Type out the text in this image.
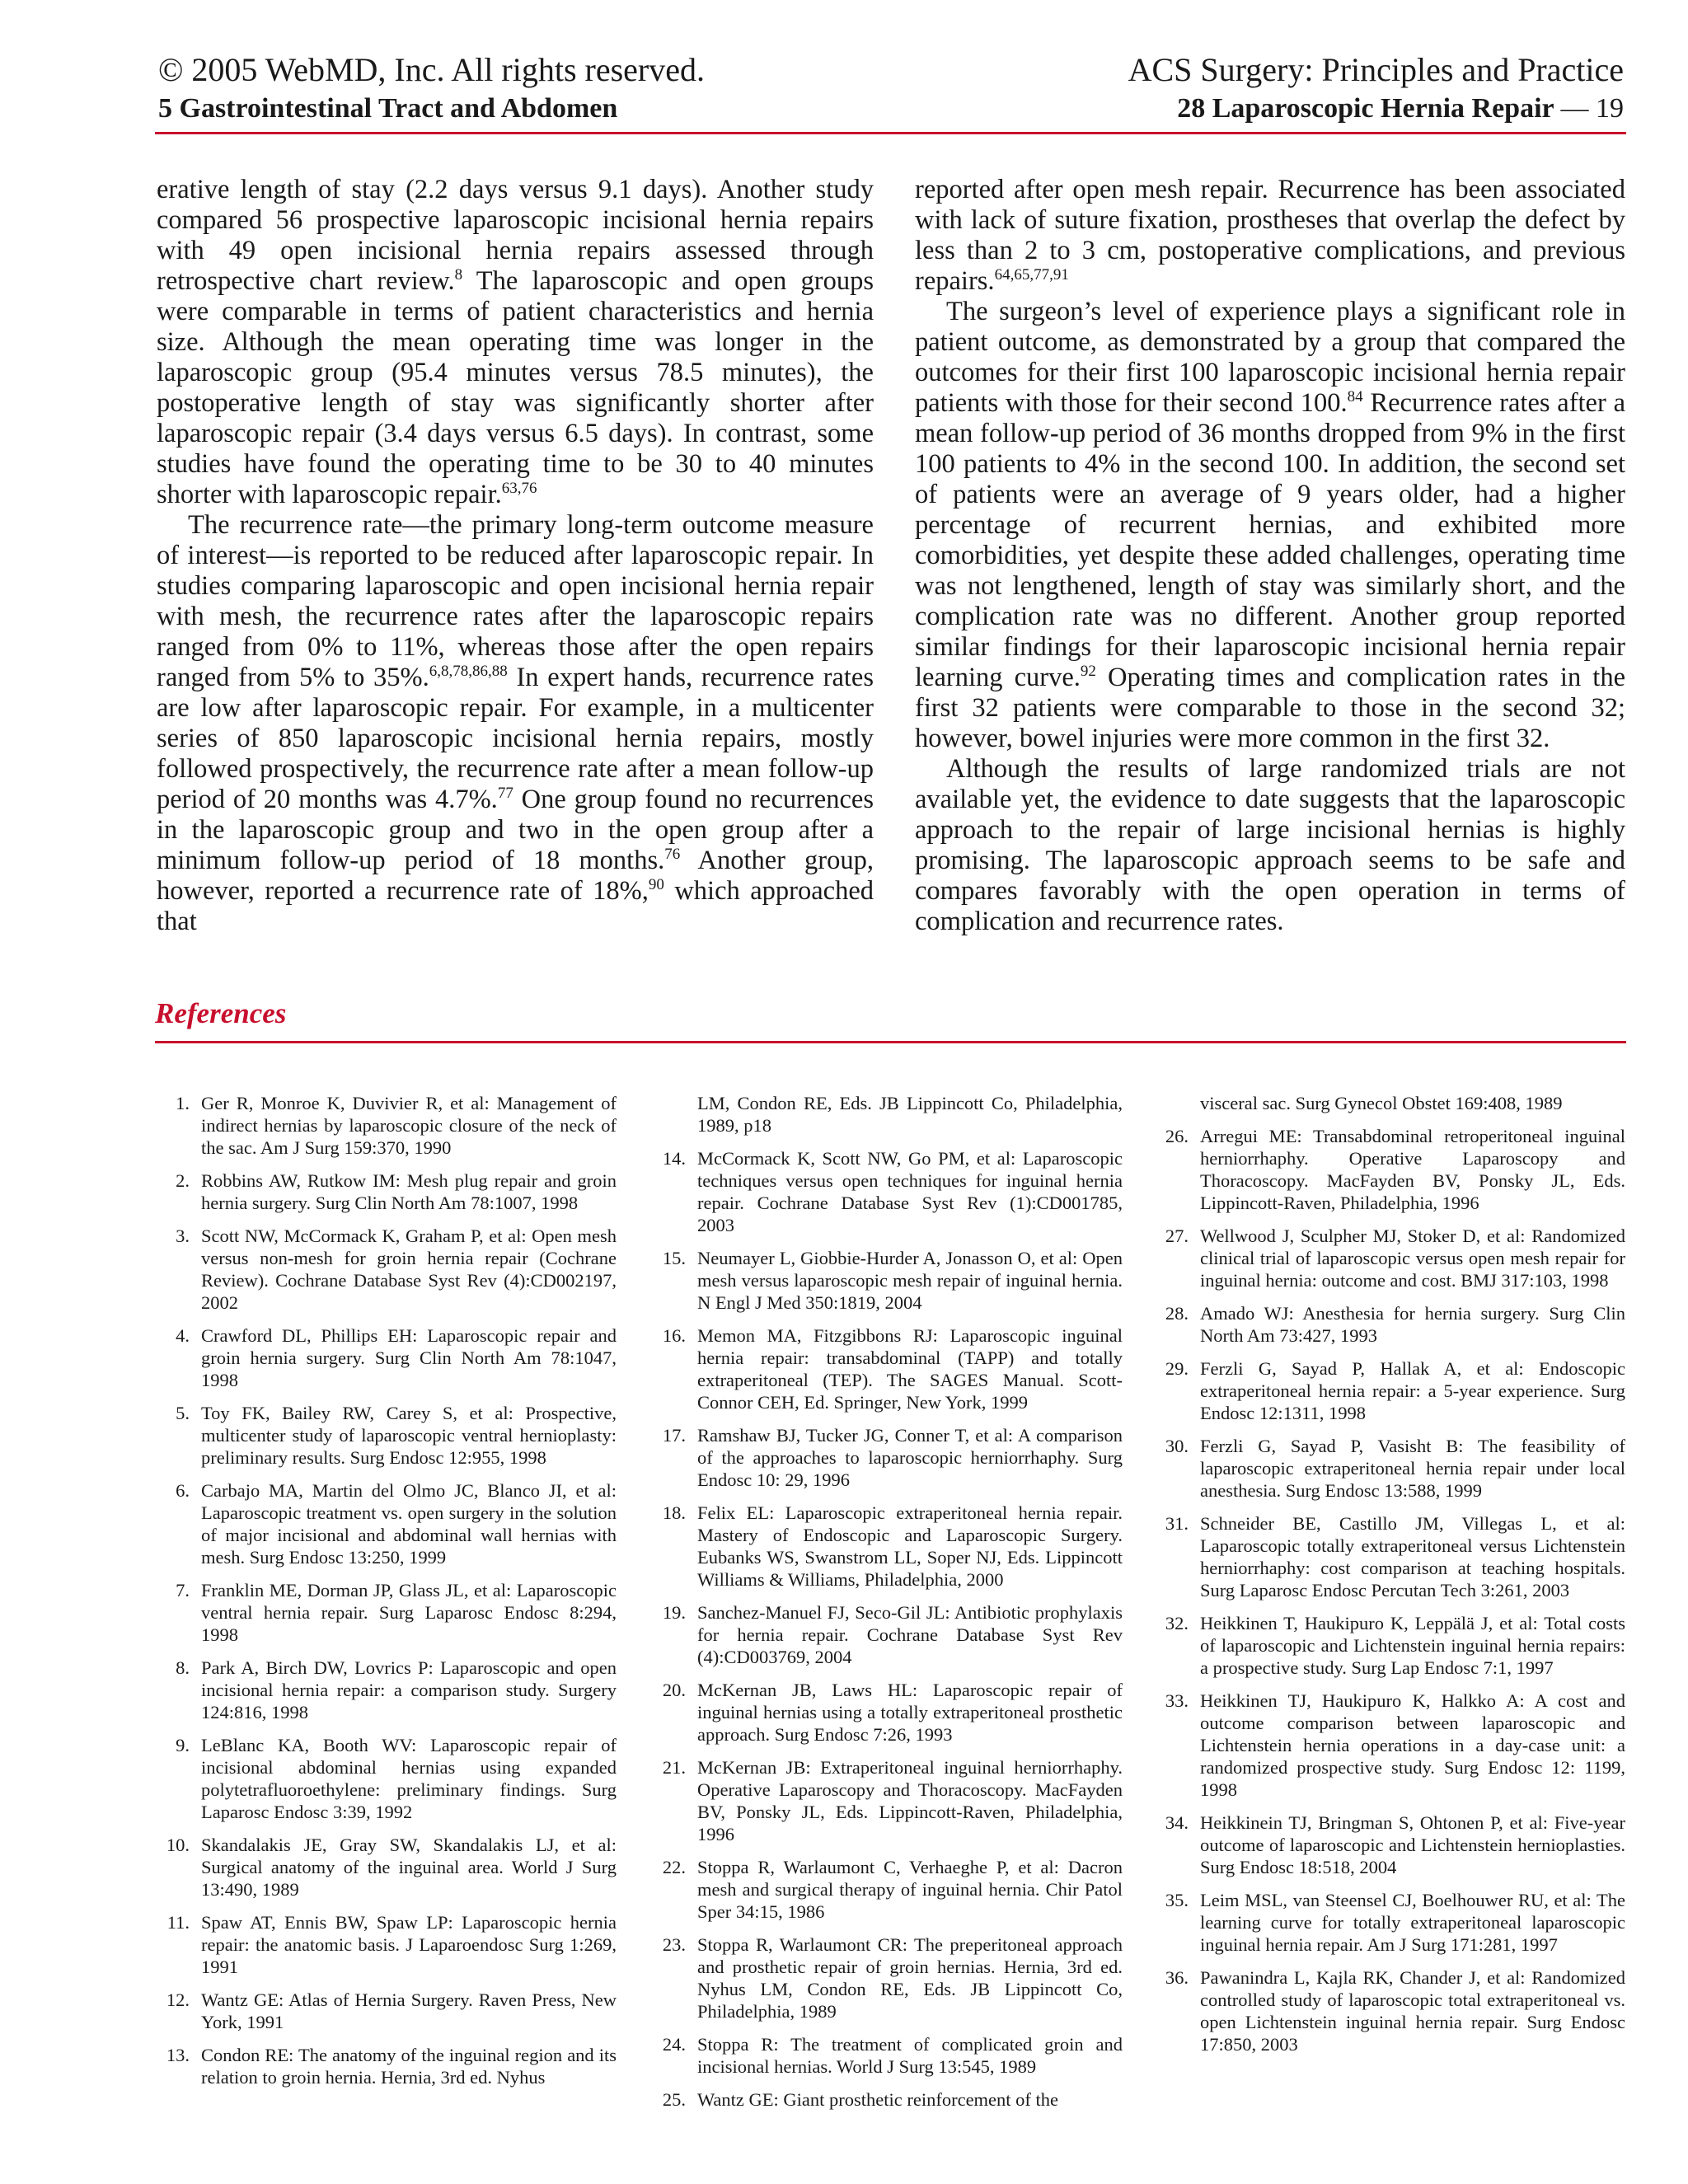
© 2005 WebMD, Inc. All rights reserved.
5 Gastrointestinal Tract and Abdomen
ACS Surgery: Principles and Practice
28 Laparoscopic Hernia Repair — 19

erative length of stay (2.2 days versus 9.1 days). Another study compared 56 prospective laparoscopic incisional hernia repairs with 49 open incisional hernia repairs assessed through retrospective chart review.$^8$ The laparoscopic and open groups were comparable in terms of patient characteristics and hernia size. Although the mean operating time was longer in the laparoscopic group (95.4 minutes versus 78.5 minutes), the postoperative length of stay was significantly shorter after laparoscopic repair (3.4 days versus 6.5 days). In contrast, some studies have found the operating time to be 30 to 40 minutes shorter with laparoscopic repair.$^{63,76}$

The recurrence rate—the primary long-term outcome measure of interest—is reported to be reduced after laparoscopic repair. In studies comparing laparoscopic and open incisional hernia repair with mesh, the recurrence rates after the laparoscopic repairs ranged from 0% to 11%, whereas those after the open repairs ranged from 5% to 35%.$^{6,8,78,86,88}$ In expert hands, recurrence rates are low after laparoscopic repair. For example, in a multicenter series of 850 laparoscopic incisional hernia repairs, mostly followed prospectively, the recurrence rate after a mean follow-up period of 20 months was 4.7%.$^{77}$ One group found no recurrences in the laparoscopic group and two in the open group after a minimum follow-up period of 18 months.$^{76}$ Another group, however, reported a recurrence rate of 18%,$^{90}$ which approached that

reported after open mesh repair. Recurrence has been associated with lack of suture fixation, prostheses that overlap the defect by less than 2 to 3 cm, postoperative complications, and previous repairs.$^{64,65,77,91}$

The surgeon’s level of experience plays a significant role in patient outcome, as demonstrated by a group that compared the outcomes for their first 100 laparoscopic incisional hernia repair patients with those for their second 100.84 Recurrence rates after a mean follow-up period of 36 months dropped from 9% in the first 100 patients to 4% in the second 100. In addition, the second set of patients were an average of 9 years older, had a higher percentage of recurrent hernias, and exhibited more comorbidities, yet despite these added challenges, operating time was not lengthened, length of stay was similarly short, and the complication rate was no different. Another group reported similar findings for their laparoscopic incisional hernia repair learning curve.$^{92}$ Operating times and complication rates in the first 32 patients were comparable to those in the second 32; however, bowel injuries were more common in the first 32.

Although the results of large randomized trials are not available yet, the evidence to date suggests that the laparoscopic approach to the repair of large incisional hernias is highly promising. The laparoscopic approach seems to be safe and compares favorably with the open operation in terms of complication and recurrence rates.

References
1. Ger R, Monroe K, Duvivier R, et al: Management of indirect hernias by laparoscopic closure of the neck of the sac. Am J Surg 159:370, 1990
2. Robbins AW, Rutkow IM: Mesh plug repair and groin hernia surgery. Surg Clin North Am 78:1007, 1998
3. Scott NW, McCormack K, Graham P, et al: Open mesh versus non-mesh for groin hernia repair (Cochrane Review). Cochrane Database Syst Rev (4):CD002197, 2002
4. Crawford DL, Phillips EH: Laparoscopic repair and groin hernia surgery. Surg Clin North Am 78:1047, 1998
5. Toy FK, Bailey RW, Carey S, et al: Prospective, multicenter study of laparoscopic ventral hernioplasty: preliminary results. Surg Endosc 12:955, 1998
6. Carbajo MA, Martin del Olmo JC, Blanco JI, et al: Laparoscopic treatment vs. open surgery in the solution of major incisional and abdominal wall hernias with mesh. Surg Endosc 13:250, 1999
7. Franklin ME, Dorman JP, Glass JL, et al: Laparoscopic ventral hernia repair. Surg Laparosc Endosc 8:294, 1998
8. Park A, Birch DW, Lovrics P: Laparoscopic and open incisional hernia repair: a comparison study. Surgery 124:816, 1998
9. LeBlanc KA, Booth WV: Laparoscopic repair of incisional abdominal hernias using expanded polytetrafluoroethylene: preliminary findings. Surg Laparosc Endosc 3:39, 1992
10. Skandalakis JE, Gray SW, Skandalakis LJ, et al: Surgical anatomy of the inguinal area. World J Surg 13:490, 1989
11. Spaw AT, Ennis BW, Spaw LP: Laparoscopic hernia repair: the anatomic basis. J Laparoendosc Surg 1:269, 1991
12. Wantz GE: Atlas of Hernia Surgery. Raven Press, New York, 1991
13. Condon RE: The anatomy of the inguinal region and its relation to groin hernia. Hernia, 3rd ed. Nyhus
LM, Condon RE, Eds. JB Lippincott Co, Philadelphia, 1989, p18
14. McCormack K, Scott NW, Go PM, et al: Laparoscopic techniques versus open techniques for inguinal hernia repair. Cochrane Database Syst Rev (1):CD001785, 2003
15. Neumayer L, Giobbie-Hurder A, Jonasson O, et al: Open mesh versus laparoscopic mesh repair of inguinal hernia. N Engl J Med 350:1819, 2004
16. Memon MA, Fitzgibbons RJ: Laparoscopic inguinal hernia repair: transabdominal (TAPP) and totally extraperitoneal (TEP). The SAGES Manual. Scott-Connor CEH, Ed. Springer, New York, 1999
17. Ramshaw BJ, Tucker JG, Conner T, et al: A comparison of the approaches to laparoscopic herniorrhaphy. Surg Endosc 10: 29, 1996
18. Felix EL: Laparoscopic extraperitoneal hernia repair. Mastery of Endoscopic and Laparoscopic Surgery. Eubanks WS, Swanstrom LL, Soper NJ, Eds. Lippincott Williams & Williams, Philadelphia, 2000
19. Sanchez-Manuel FJ, Seco-Gil JL: Antibiotic prophylaxis for hernia repair. Cochrane Database Syst Rev (4):CD003769, 2004
20. McKernan JB, Laws HL: Laparoscopic repair of inguinal hernias using a totally extraperitoneal prosthetic approach. Surg Endosc 7:26, 1993
21. McKernan JB: Extraperitoneal inguinal herniorrhaphy. Operative Laparoscopy and Thoracoscopy. MacFayden BV, Ponsky JL, Eds. Lippincott-Raven, Philadelphia, 1996
22. Stoppa R, Warlaumont C, Verhaeghe P, et al: Dacron mesh and surgical therapy of inguinal hernia. Chir Patol Sper 34:15, 1986
23. Stoppa R, Warlaumont CR: The preperitoneal approach and prosthetic repair of groin hernias. Hernia, 3rd ed. Nyhus LM, Condon RE, Eds. JB Lippincott Co, Philadelphia, 1989
24. Stoppa R: The treatment of complicated groin and incisional hernias. World J Surg 13:545, 1989
25. Wantz GE: Giant prosthetic reinforcement of the
visceral sac. Surg Gynecol Obstet 169:408, 1989
26. Arregui ME: Transabdominal retroperitoneal inguinal herniorrhaphy. Operative Laparoscopy and Thoracoscopy. MacFayden BV, Ponsky JL, Eds. Lippincott-Raven, Philadelphia, 1996
27. Wellwood J, Sculpher MJ, Stoker D, et al: Randomized clinical trial of laparoscopic versus open mesh repair for inguinal hernia: outcome and cost. BMJ 317:103, 1998
28. Amado WJ: Anesthesia for hernia surgery. Surg Clin North Am 73:427, 1993
29. Ferzli G, Sayad P, Hallak A, et al: Endoscopic extraperitoneal hernia repair: a 5-year experience. Surg Endosc 12:1311, 1998
30. Ferzli G, Sayad P, Vasisht B: The feasibility of laparoscopic extraperitoneal hernia repair under local anesthesia. Surg Endosc 13:588, 1999
31. Schneider BE, Castillo JM, Villegas L, et al: Laparoscopic totally extraperitoneal versus Lichtenstein herniorrhaphy: cost comparison at teaching hospitals. Surg Laparosc Endosc Percutan Tech 3:261, 2003
32. Heikkinen T, Haukipuro K, Leppälä J, et al: Total costs of laparoscopic and Lichtenstein inguinal hernia repairs: a prospective study. Surg Lap Endosc 7:1, 1997
33. Heikkinen TJ, Haukipuro K, Halkko A: A cost and outcome comparison between laparoscopic and Lichtenstein hernia operations in a day-case unit: a randomized prospective study. Surg Endosc 12: 1199, 1998
34. Heikkinein TJ, Bringman S, Ohtonen P, et al: Five-year outcome of laparoscopic and Lichtenstein hernioplasties. Surg Endosc 18:518, 2004
35. Leim MSL, van Steensel CJ, Boelhouwer RU, et al: The learning curve for totally extraperitoneal laparoscopic inguinal hernia repair. Am J Surg 171:281, 1997
36. Pawanindra L, Kajla RK, Chander J, et al: Randomized controlled study of laparoscopic total extraperitoneal vs. open Lichtenstein inguinal hernia repair. Surg Endosc 17:850, 2003
